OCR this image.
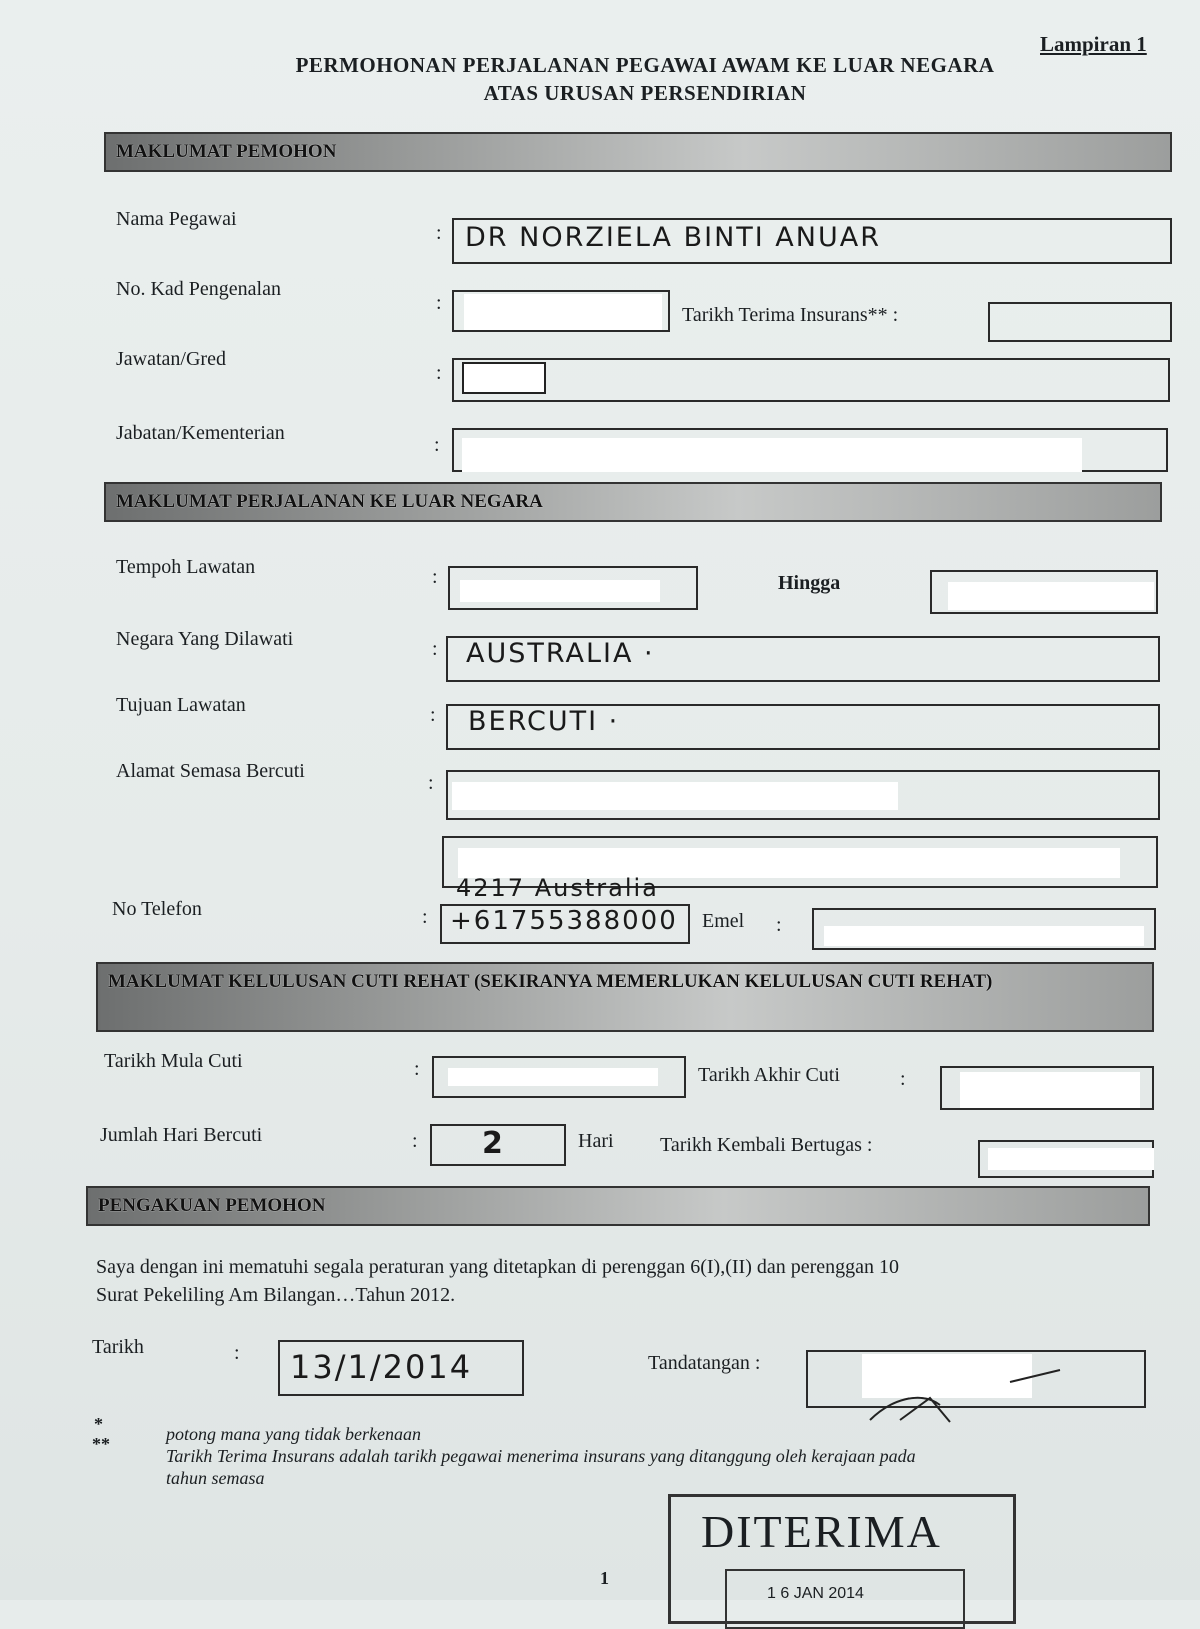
Lampiran 1
PERMOHONAN PERJALANAN PEGAWAI AWAM KE LUAR NEGARA
ATAS URUSAN PERSENDIRIAN
MAKLUMAT PEMOHON
Nama Pegawai
: DR NORZIELA BINTI ANUAR
No. Kad Pengenalan
:
Tarikh Terima Insurans** :
Jawatan/Gred
:
Jabatan/Kementerian
:
MAKLUMAT PERJALANAN KE LUAR NEGARA
Tempoh Lawatan	:	Hingga
Negara Yang Dilawati	: AUSTRALIA ·
Tujuan Lawatan	: BERCUTI ·
Alamat Semasa Bercuti
:
4217 Australia
No Telefon	: +61755388000 Emel :
MAKLUMAT KELULUSAN CUTI REHAT (SEKIRANYA MEMERLUKAN KELULUSAN CUTI REHAT)
Tarikh Mula Cuti	:	Tarikh Akhir Cuti	:
Jumlah Hari Bercuti	: 2	Hari Tarikh Kembali Bertugas :
PENGAKUAN PEMOHON
Saya dengan ini mematuhi segala peraturan yang ditetapkan di perenggan 6(I),(II) dan perenggan 10
Surat Pekeliling Am Bilangan…Tahun 2012.
Tarikh	: 13/1/2014	Tandatangan :
*
**	potong mana yang tidak berkenaan
Tarikh Terima Insurans adalah tarikh pegawai menerima insurans yang ditanggung oleh kerajaan pada
tahun semasa
1
DITERIMA
1 6 JAN 2014
